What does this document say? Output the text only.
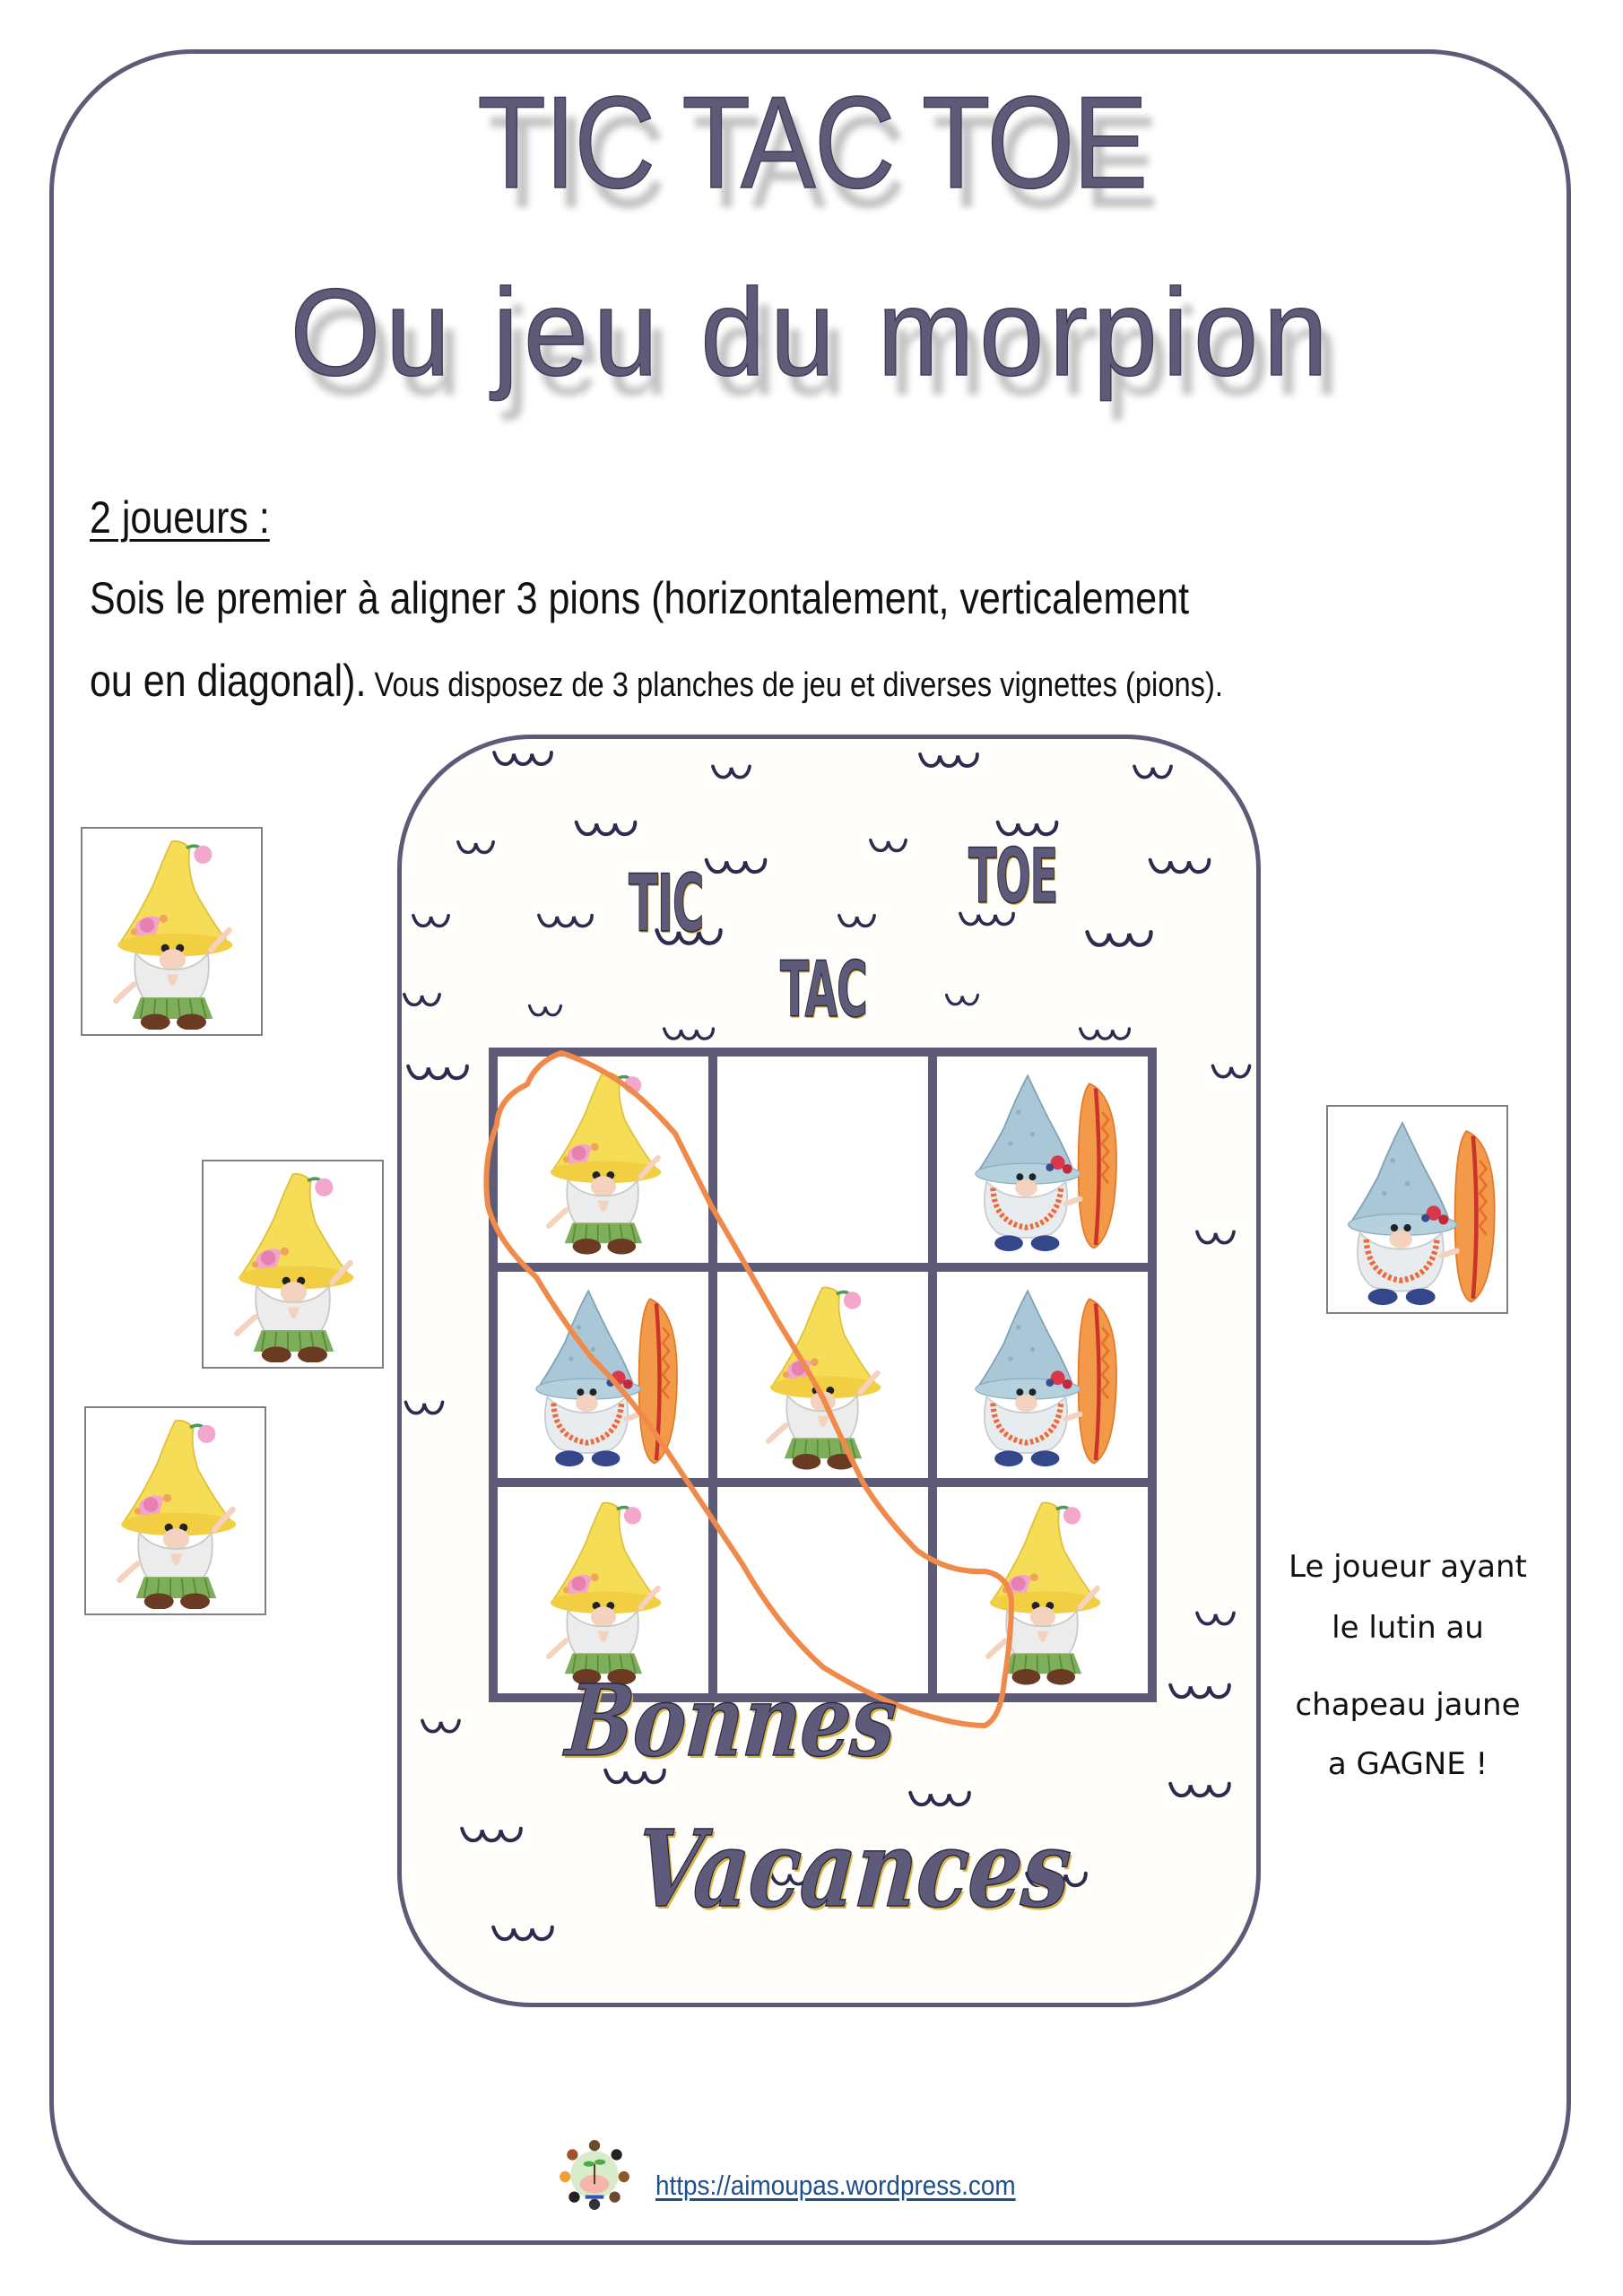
TIC TAC TOE
Ou jeu du morpion
2 joueurs :
Sois le premier à aligner 3 pions (horizontalement, verticalement
ou en diagonal). Vous disposez de 3 planches de jeu et diverses vignettes (pions).
TIC	TOE
TAC
Bonnes
Vacances
Le joueur ayant
le lutin au
chapeau jaune
a GAGNE !
https://aimoupas.wordpress.com
